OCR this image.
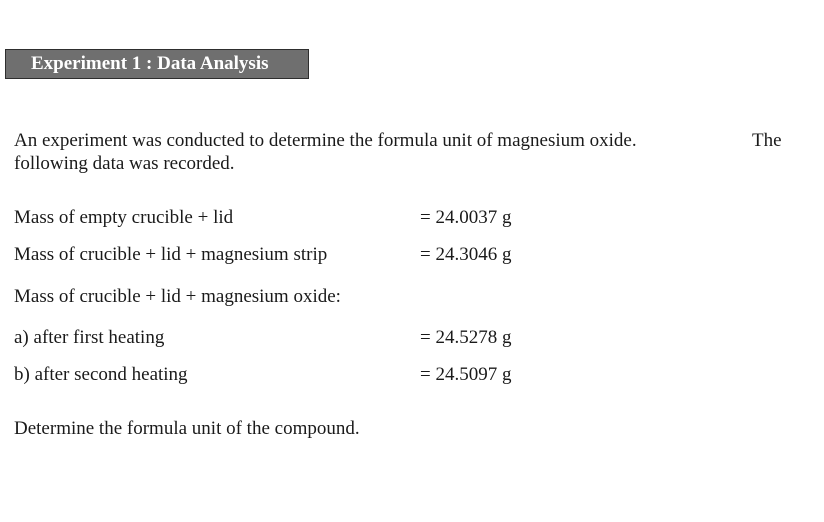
Experiment 1 : Data Analysis
An experiment was conducted to determine the formula unit of magnesium oxide.	The
following data was recorded.
Mass of empty crucible + lid	= 24.0037 g
Mass of crucible + lid + magnesium strip	= 24.3046 g
Mass of crucible + lid + magnesium oxide:
a) after first heating	= 24.5278 g
b) after second heating	= 24.5097 g
Determine the formula unit of the compound.
